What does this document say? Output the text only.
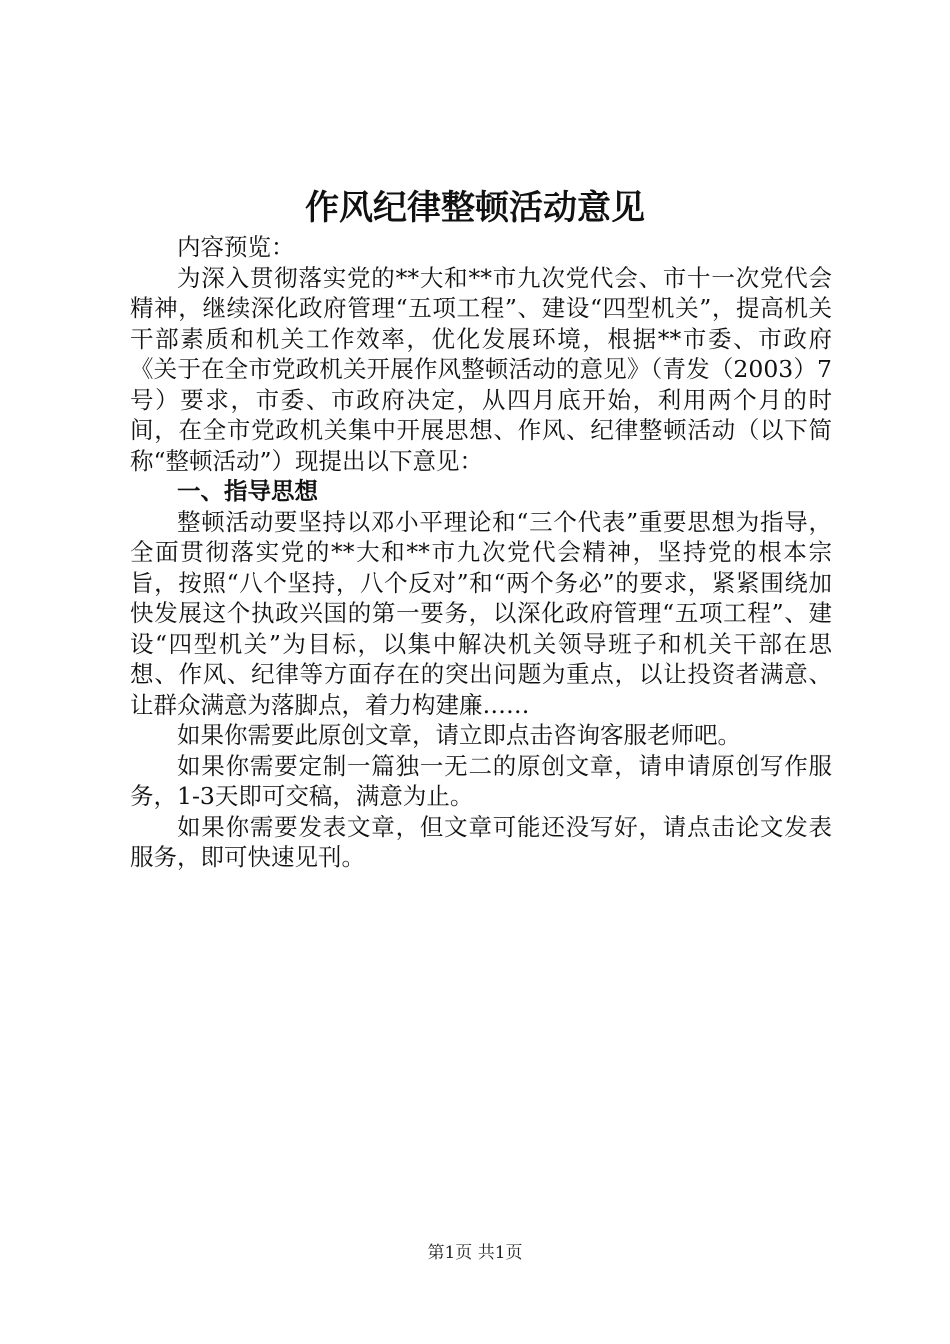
作风纪律整顿活动意见

内容预览：

为深入贯彻落实党的**大和**市九次党代会、市十一次党代会精神，继续深化政府管理“五项工程”、建设“四型机关”，提高机关干部素质和机关工作效率，优化发展环境，根据**市委、市政府《关于在全市党政机关开展作风整顿活动的意见》（青发（2003）7号）要求，市委、市政府决定，从四月底开始，利用两个月的时间，在全市党政机关集中开展思想、作风、纪律整顿活动（以下简称“整顿活动”）现提出以下意见：

一、指导思想

整顿活动要坚持以邓小平理论和“三个代表”重要思想为指导，全面贯彻落实党的**大和**市九次党代会精神，坚持党的根本宗旨，按照“八个坚持，八个反对”和“两个务必”的要求，紧紧围绕加快发展这个执政兴国的第一要务，以深化政府管理“五项工程”、建设“四型机关”为目标，以集中解决机关领导班子和机关干部在思想、作风、纪律等方面存在的突出问题为重点，以让投资者满意、让群众满意为落脚点，着力构建廉……

如果你需要此原创文章，请立即点击咨询客服老师吧。

如果你需要定制一篇独一无二的原创文章，请申请原创写作服务，1-3天即可交稿，满意为止。

如果你需要发表文章，但文章可能还没写好，请点击论文发表服务，即可快速见刊。

第1页 共1页
